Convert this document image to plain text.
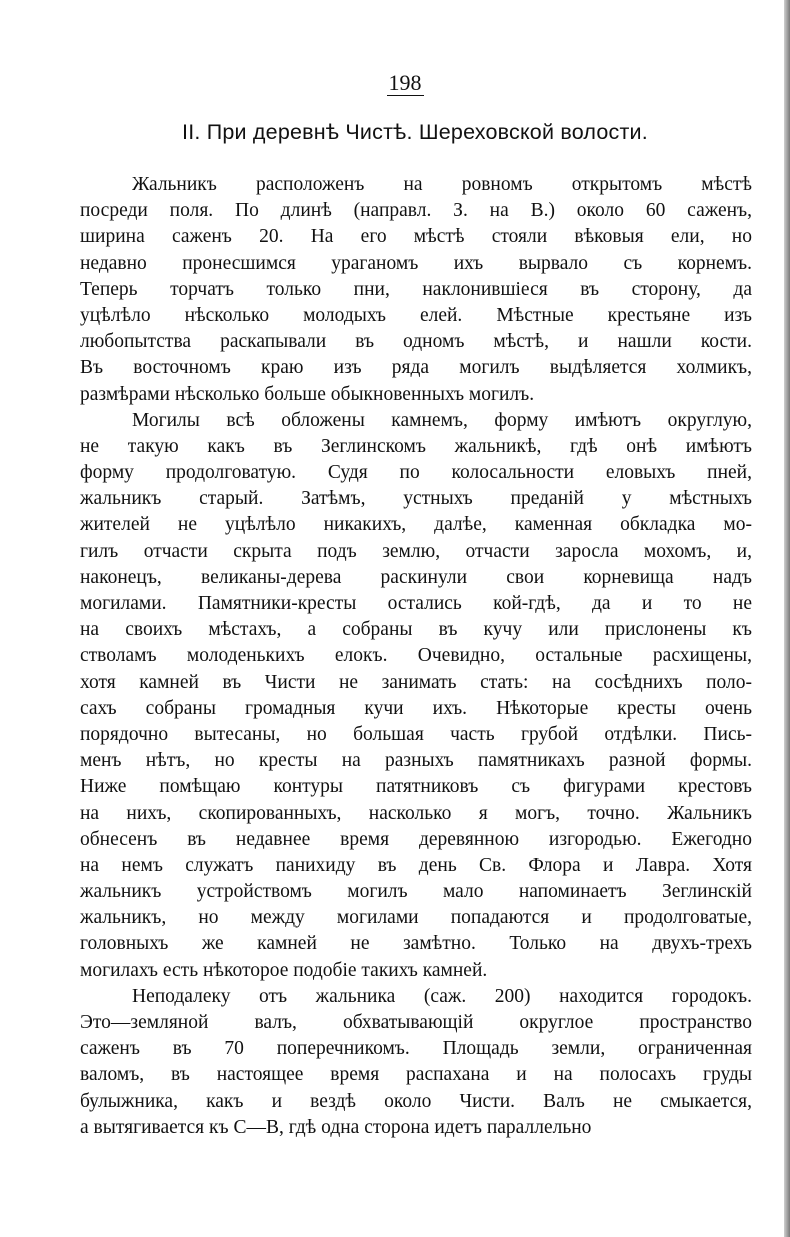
198
II. При деревнѣ Чистѣ. Шереховской волости.
Жальникъ расположенъ на ровномъ открытомъ мѣстѣ
посреди поля. По длинѣ (направл. З. на В.) около 60 саженъ,
ширина саженъ 20. На его мѣстѣ стояли вѣковыя ели, но
недавно пронесшимся ураганомъ ихъ вырвало съ корнемъ.
Теперь торчатъ только пни, наклонившіеся въ сторону, да
уцѣлѣло нѣсколько молодыхъ елей. Мѣстные крестьяне изъ
любопытства раскапывали въ одномъ мѣстѣ, и нашли кости.
Въ восточномъ краю изъ ряда могилъ выдѣляется холмикъ,
размѣрами нѣсколько больше обыкновенныхъ могилъ.
Могилы всѣ обложены камнемъ, форму имѣютъ округлую,
не такую какъ въ Зеглинскомъ жальникѣ, гдѣ онѣ имѣютъ
форму продолговатую. Судя по колосальности еловыхъ пней,
жальникъ старый. Затѣмъ, устныхъ преданій у мѣстныхъ
жителей не уцѣлѣло никакихъ, далѣе, каменная обкладка мо-
гилъ отчасти скрыта подъ землю, отчасти заросла мохомъ, и,
наконецъ, великаны-дерева раскинули свои корневища надъ
могилами. Памятники-кресты остались кой-гдѣ, да и то не
на своихъ мѣстахъ, а собраны въ кучу или прислонены къ
стволамъ молоденькихъ елокъ. Очевидно, остальные расхищены,
хотя камней въ Чисти не занимать стать: на сосѣднихъ поло-
сахъ собраны громадныя кучи ихъ. Нѣкоторые кресты очень
порядочно вытесаны, но большая часть грубой отдѣлки. Пись-
менъ нѣтъ, но кресты на разныхъ памятникахъ разной формы.
Ниже помѣщаю контуры патятниковъ съ фигурами крестовъ
на нихъ, скопированныхъ, насколько я могъ, точно. Жальникъ
обнесенъ въ недавнее время деревянною изгородью. Ежегодно
на немъ служатъ панихиду въ день Св. Флора и Лавра. Хотя
жальникъ устройствомъ могилъ мало напоминаетъ Зеглинскій
жальникъ, но между могилами попадаются и продолговатые,
головныхъ же камней не замѣтно. Только на двухъ-трехъ
могилахъ есть нѣкоторое подобіе такихъ камней.
Неподалеку отъ жальника (саж. 200) находится городокъ.
Это—земляной валъ, обхватывающій округлое пространство
саженъ въ 70 поперечникомъ. Площадь земли, ограниченная
валомъ, въ настоящее время распахана и на полосахъ груды
булыжника, какъ и вездѣ около Чисти. Валъ не смыкается,
а вытягивается къ С—В, гдѣ одна сторона идетъ параллельно
